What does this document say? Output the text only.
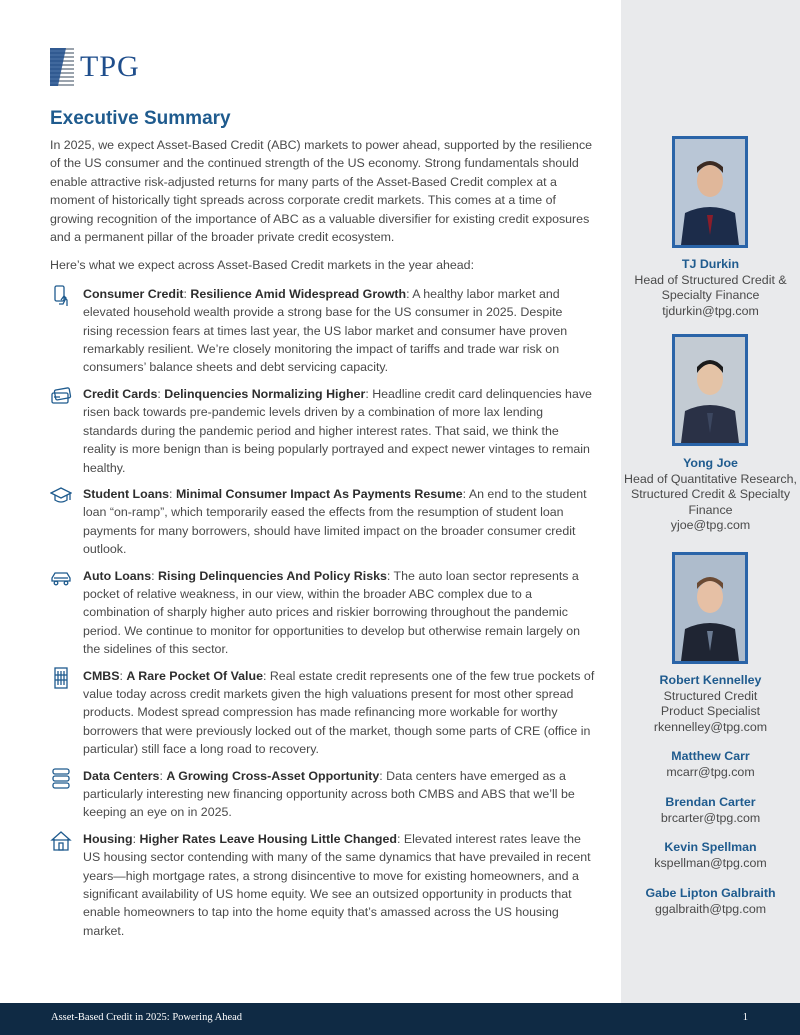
TPG
Executive Summary

In 2025, we expect Asset-Based Credit (ABC) markets to power ahead, supported by the resilience of the US consumer and the continued strength of the US economy. Strong fundamentals should enable attractive risk-adjusted returns for many parts of the Asset-Based Credit complex at a moment of historically tight spreads across corporate credit markets. This comes at a time of growing recognition of the importance of ABC as a valuable diversifier for existing credit exposures and a permanent pillar of the broader private credit ecosystem.

Here’s what we expect across Asset-Based Credit markets in the year ahead:

Consumer Credit: Resilience Amid Widespread Growth: A healthy labor market and elevated household wealth provide a strong base for the US consumer in 2025. Despite rising recession fears at times last year, the US labor market and consumer have proven remarkably resilient. We’re closely monitoring the impact of tariffs and trade war risk on consumers’ balance sheets and debt servicing capacity.
Credit Cards: Delinquencies Normalizing Higher: Headline credit card delinquencies have risen back towards pre-pandemic levels driven by a combination of more lax lending standards during the pandemic period and higher interest rates. That said, we think the reality is more benign than is being popularly portrayed and expect newer vintages to remain healthy.
Student Loans: Minimal Consumer Impact As Payments Resume: An end to the student loan “on-ramp”, which temporarily eased the effects from the resumption of student loan payments for many borrowers, should have limited impact on the broader consumer credit outlook.
Auto Loans: Rising Delinquencies And Policy Risks: The auto loan sector represents a pocket of relative weakness, in our view, within the broader ABC complex due to a combination of sharply higher auto prices and riskier borrowing throughout the pandemic period. We continue to monitor for opportunities to develop but otherwise remain largely on the sidelines of this sector.
CMBS: A Rare Pocket Of Value: Real estate credit represents one of the few true pockets of value today across credit markets given the high valuations present for most other spread products. Modest spread compression has made refinancing more workable for worthy borrowers that were previously locked out of the market, though some parts of CRE (office in particular) still face a long road to recovery.
Data Centers: A Growing Cross-Asset Opportunity: Data centers have emerged as a particularly interesting new financing opportunity across both CMBS and ABS that we’ll be keeping an eye on in 2025.
Housing: Higher Rates Leave Housing Little Changed: Elevated interest rates leave the US housing sector contending with many of the same dynamics that have prevailed in recent years—high mortgage rates, a strong disincentive to move for existing homeowners, and a significant availability of US home equity. We see an outsized opportunity in products that enable homeowners to tap into the home equity that’s amassed across the US housing market.
TJ Durkin
Head of Structured Credit & Specialty Finance
tjdurkin@tpg.com
Yong Joe
Head of Quantitative Research, Structured Credit & Specialty Finance
yjoe@tpg.com
Robert Kennelley
Structured Credit Product Specialist
rkennelley@tpg.com
Matthew Carr
mcarr@tpg.com
Brendan Carter
brcarter@tpg.com
Kevin Spellman
kspellman@tpg.com
Gabe Lipton Galbraith
ggalbraith@tpg.com
Asset-Based Credit in 2025: Powering Ahead	1
